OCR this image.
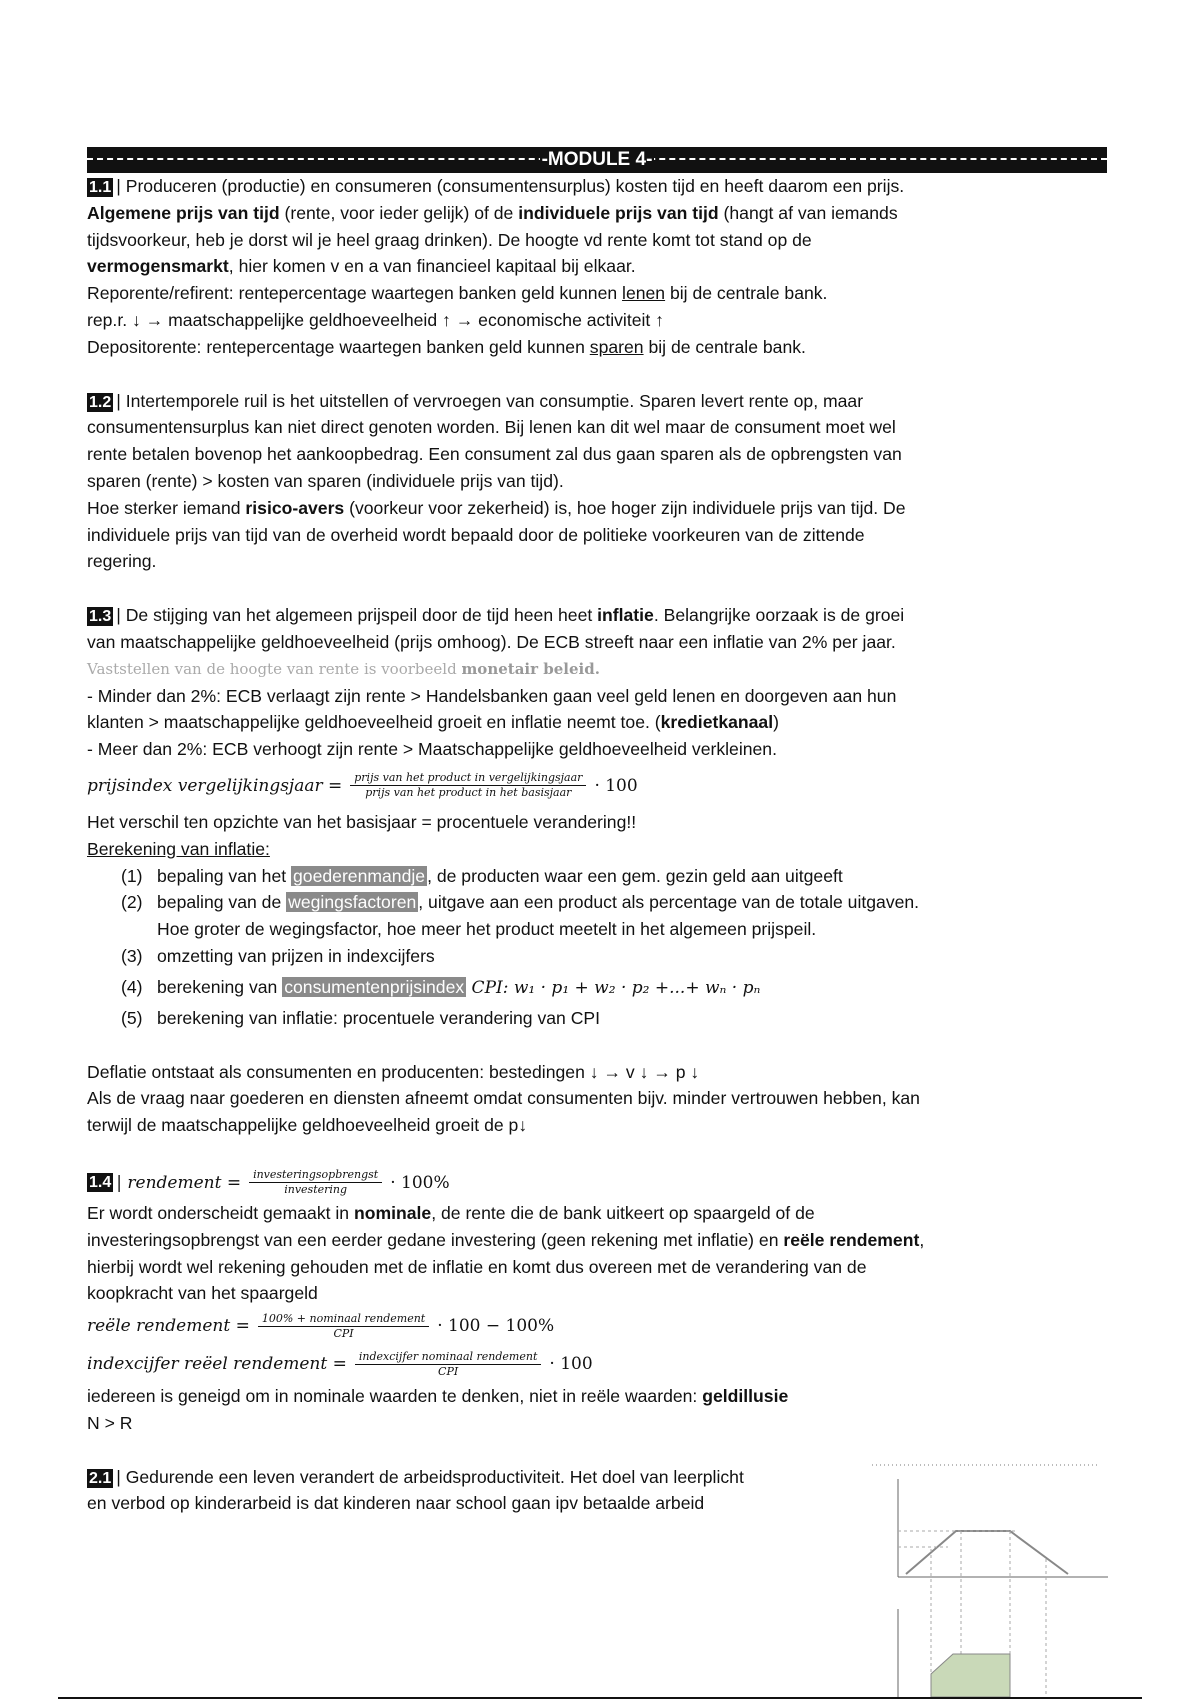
-MODULE 4-

1.1 | Produceren (productie) en consumeren (consumentensurplus) kosten tijd en heeft daarom een prijs.

Algemene prijs van tijd (rente, voor ieder gelijk) of de individuele prijs van tijd (hangt af van iemands

tijdsvoorkeur, heb je dorst wil je heel graag drinken). De hoogte vd rente komt tot stand op de

vermogensmarkt, hier komen v en a van financieel kapitaal bij elkaar.

Reporente/refirent: rentepercentage waartegen banken geld kunnen lenen bij de centrale bank.

rep.r. ↓ → maatschappelijke geldhoeveelheid ↑ → economische activiteit ↑

Depositorente: rentepercentage waartegen banken geld kunnen sparen bij de centrale bank.

1.2 | Intertemporele ruil is het uitstellen of vervroegen van consumptie. Sparen levert rente op, maar

consumentensurplus kan niet direct genoten worden. Bij lenen kan dit wel maar de consument moet wel

rente betalen bovenop het aankoopbedrag. Een consument zal dus gaan sparen als de opbrengsten van

sparen (rente) > kosten van sparen (individuele prijs van tijd).

Hoe sterker iemand risico-avers (voorkeur voor zekerheid) is, hoe hoger zijn individuele prijs van tijd. De

individuele prijs van tijd van de overheid wordt bepaald door de politieke voorkeuren van de zittende

regering.

1.3 | De stijging van het algemeen prijspeil door de tijd heen heet inflatie. Belangrijke oorzaak is de groei

van maatschappelijke geldhoeveelheid (prijs omhoog). De ECB streeft naar een inflatie van 2% per jaar.

Vaststellen van de hoogte van rente is voorbeeld monetair beleid.

- Minder dan 2%: ECB verlaagt zijn rente > Handelsbanken gaan veel geld lenen en doorgeven aan hun

klanten > maatschappelijke geldhoeveelheid groeit en inflatie neemt toe. (kredietkanaal)

- Meer dan 2%: ECB verhoogt zijn rente > Maatschappelijke geldhoeveelheid verkleinen.

prijsindex vergelijkingsjaar = $\frac{\text{prijs van het product in vergelijkingsjaar}}{\text{prijs van het product in het basisjaar}} \cdot 100$

Het verschil ten opzichte van het basisjaar = procentuele verandering!!

Berekening van inflatie:

(1) bepaling van het goederenmandje , de producten waar een gem. gezin geld aan uitgeeft
(2) bepaling van de wegingsfactoren , uitgave aan een product als percentage van de totale uitgaven.
Hoe groter de wegingsfactor, hoe meer het product meetelt in het algemeen prijspeil.
(3) omzetting van prijzen in indexcijfers
(4) berekening van consumentenprijsindex CPI: w₁ · p₁ + w₂ · p₂ +...+ wₙ · pₙ
(5) berekening van inflatie: procentuele verandering van CPI

Deflatie ontstaat als consumenten en producenten: bestedingen ↓ → v ↓ → p ↓

Als de vraag naar goederen en diensten afneemt omdat consumenten bijv. minder vertrouwen hebben, kan

terwijl de maatschappelijke geldhoeveelheid groeit de p↓

1.4 | rendement = $\frac{\text{investeringsopbrengst}}{\text{investering}} \cdot 100\%$

Er wordt onderscheidt gemaakt in nominale, de rente die de bank uitkeert op spaargeld of de

investeringsopbrengst van een eerder gedane investering (geen rekening met inflatie) en reële rendement,

hierbij wordt wel rekening gehouden met de inflatie en komt dus overeen met de verandering van de

koopkracht van het spaargeld

reële rendement = $\frac{\text{100\% + nominaal rendement}}{\text{CPI}} \cdot 100 - 100\%$
indexcijfer reëel rendement = $\frac{\text{indexcijfer nominaal rendement}}{\text{CPI}} \cdot 100$

iedereen is geneigd om in nominale waarden te denken, niet in reële waarden: geldillusie

N > R

2.1 | Gedurende een leven verandert de arbeidsproductiviteit. Het doel van leerplicht

en verbod op kinderarbeid is dat kinderen naar school gaan ipv betaalde arbeid
